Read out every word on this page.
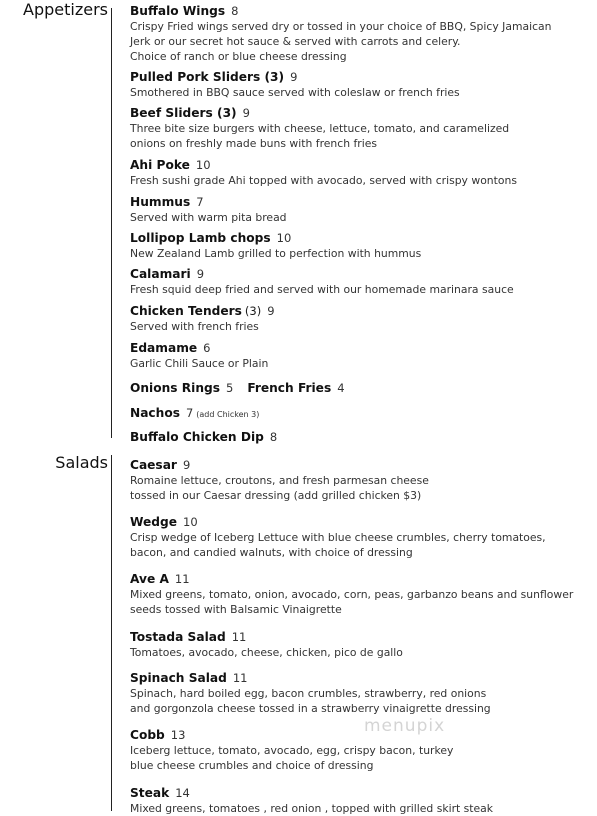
Appetizers
Salads
Buffalo Wings 8
Crispy Fried wings served dry or tossed in your choice of BBQ, Spicy Jamaican
Jerk or our secret hot sauce & served with carrots and celery.
Choice of ranch or blue cheese dressing
Pulled Pork Sliders (3) 9
Smothered in BBQ sauce served with coleslaw or french fries
Beef Sliders (3) 9
Three bite size burgers with cheese, lettuce, tomato, and caramelized
onions on freshly made buns with french fries
Ahi Poke 10
Fresh sushi grade Ahi topped with avocado, served with crispy wontons
Hummus 7
Served with warm pita bread
Lollipop Lamb chops 10
New Zealand Lamb grilled to perfection with hummus
Calamari 9
Fresh squid deep fried and served with our homemade marinara sauce
Chicken Tenders (3) 9
Served with french fries
Edamame 6
Garlic Chili Sauce or Plain
Onions Rings 5 French Fries 4
Nachos 7 (add Chicken 3)
Buffalo Chicken Dip 8
Caesar 9
Romaine lettuce, croutons, and fresh parmesan cheese
tossed in our Caesar dressing (add grilled chicken $3)
Wedge 10
Crisp wedge of Iceberg Lettuce with blue cheese crumbles, cherry tomatoes,
bacon, and candied walnuts, with choice of dressing
Ave A 11
Mixed greens, tomato, onion, avocado, corn, peas, garbanzo beans and sunflower
seeds tossed with Balsamic Vinaigrette
Tostada Salad 11
Tomatoes, avocado, cheese, chicken, pico de gallo
Spinach Salad 11
Spinach, hard boiled egg, bacon crumbles, strawberry, red onions
and gorgonzola cheese tossed in a strawberry vinaigrette dressing
Cobb 13
Iceberg lettuce, tomato, avocado, egg, crispy bacon, turkey
blue cheese crumbles and choice of dressing
Steak 14
Mixed greens, tomatoes , red onion , topped with grilled skirt steak
menupix
